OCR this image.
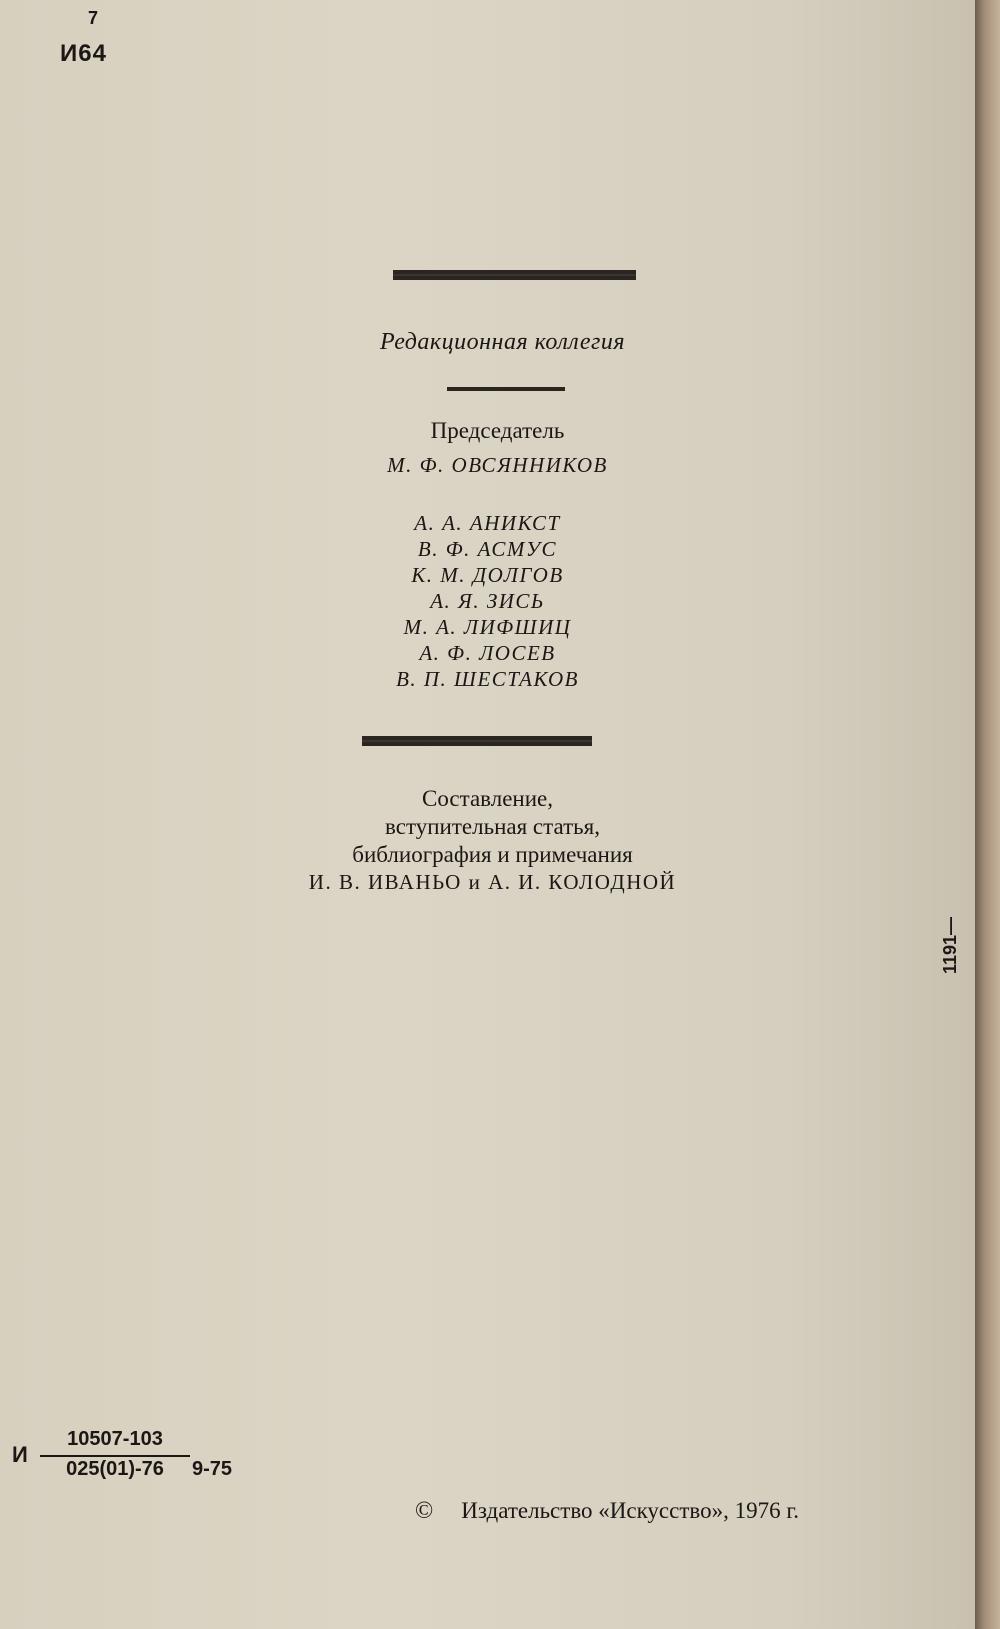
7
И64
Редакционная коллегия
Председатель
М. Ф. ОВСЯННИКОВ
А. А. АНИКСТ
В. Ф. АСМУС
К. М. ДОЛГОВ
А. Я. ЗИСЬ
М. А. ЛИФШИЦ
А. Ф. ЛОСЕВ
В. П. ШЕСТАКОВ
Составление,
вступительная статья,
библиография и примечания
И. В. ИВАНЬО и А. И. КОЛОДНОЙ
1191—
И
10507-103
025(01)-76	9-75
© Издательство «Искусство», 1976 г.
